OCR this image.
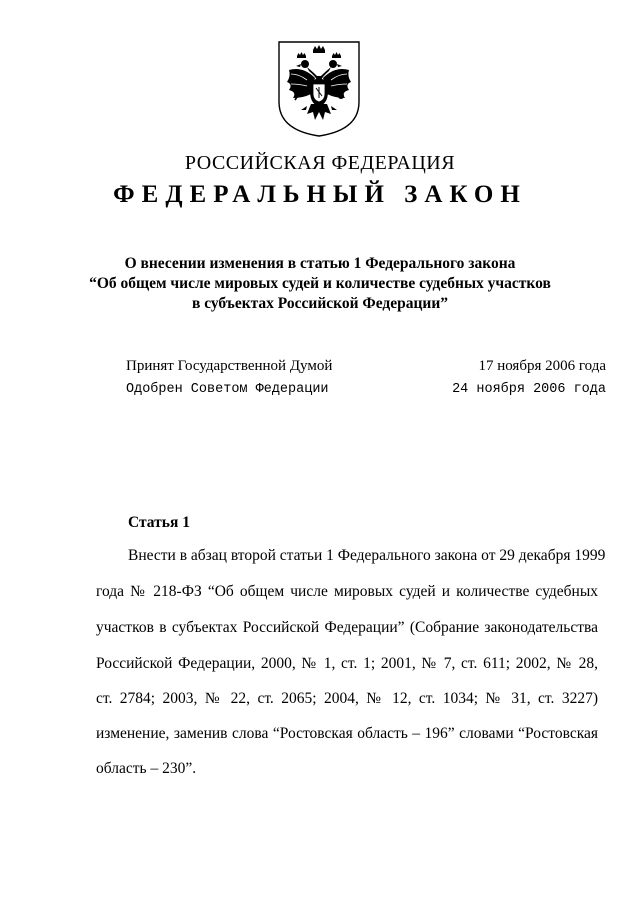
РОССИЙСКАЯ ФЕДЕРАЦИЯ
ФЕДЕРАЛЬНЫЙ ЗАКОН
О внесении изменения в статью 1 Федерального закона
“Об общем числе мировых судей и количестве судебных участков
в субъектах Российской Федерации”
Принят Государственной Думой	17 ноября 2006 года
Одобрен Советом Федерации	24 ноября 2006 года
Статья 1
Внести в абзац второй статьи 1 Федерального закона от 29 декабря 1999
года № 218-ФЗ “Об общем числе мировых судей и количестве судебных
участков в субъектах Российской Федерации” (Собрание законодательства
Российской Федерации, 2000, № 1, ст. 1; 2001, № 7, ст. 611; 2002, № 28,
ст. 2784; 2003, № 22, ст. 2065; 2004, № 12, ст. 1034; № 31, ст. 3227)
изменение, заменив слова “Ростовская область – 196” словами “Ростовская
область – 230”.
